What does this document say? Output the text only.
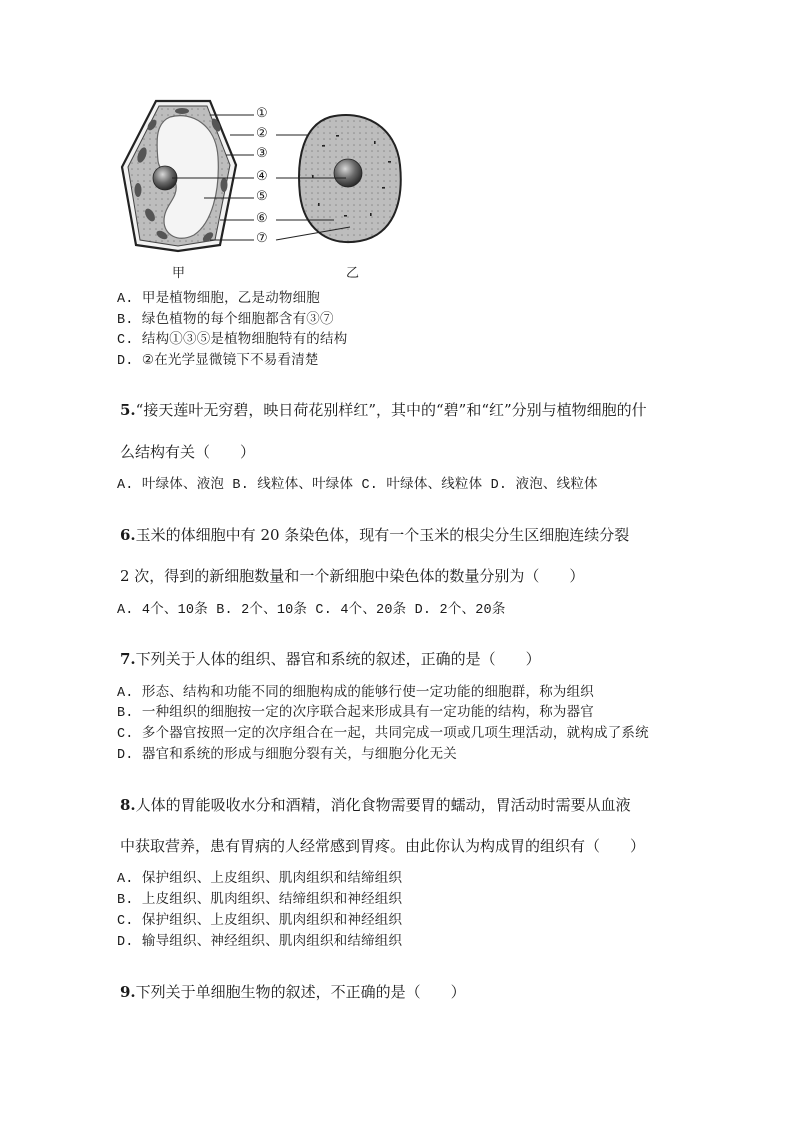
①
②
③
④
⑤
⑥
⑦
甲	乙
A. 甲是植物细胞，乙是动物细胞
B. 绿色植物的每个细胞都含有③⑦
C. 结构①③⑤是植物细胞特有的结构
D. ②在光学显微镜下不易看清楚
5.“接天莲叶无穷碧，映日荷花别样红”，其中的“碧”和“红”分别与植物细胞的什
么结构有关（　　）
A. 叶绿体、液泡 B. 线粒体、叶绿体 C. 叶绿体、线粒体 D. 液泡、线粒体
6.玉米的体细胞中有 20 条染色体，现有一个玉米的根尖分生区细胞连续分裂
2 次，得到的新细胞数量和一个新细胞中染色体的数量分别为（　　）
A. 4个、10条 B. 2个、10条 C. 4个、20条 D. 2个、20条
7.下列关于人体的组织、器官和系统的叙述，正确的是（　　）
A. 形态、结构和功能不同的细胞构成的能够行使一定功能的细胞群，称为组织
B. 一种组织的细胞按一定的次序联合起来形成具有一定功能的结构，称为器官
C. 多个器官按照一定的次序组合在一起，共同完成一项或几项生理活动，就构成了系统
D. 器官和系统的形成与细胞分裂有关，与细胞分化无关
8.人体的胃能吸收水分和酒精，消化食物需要胃的蠕动，胃活动时需要从血液
中获取营养，患有胃病的人经常感到胃疼。由此你认为构成胃的组织有（　　）
A. 保护组织、上皮组织、肌肉组织和结缔组织
B. 上皮组织、肌肉组织、结缔组织和神经组织
C. 保护组织、上皮组织、肌肉组织和神经组织
D. 输导组织、神经组织、肌肉组织和结缔组织
9.下列关于单细胞生物的叙述，不正确的是（　　）
